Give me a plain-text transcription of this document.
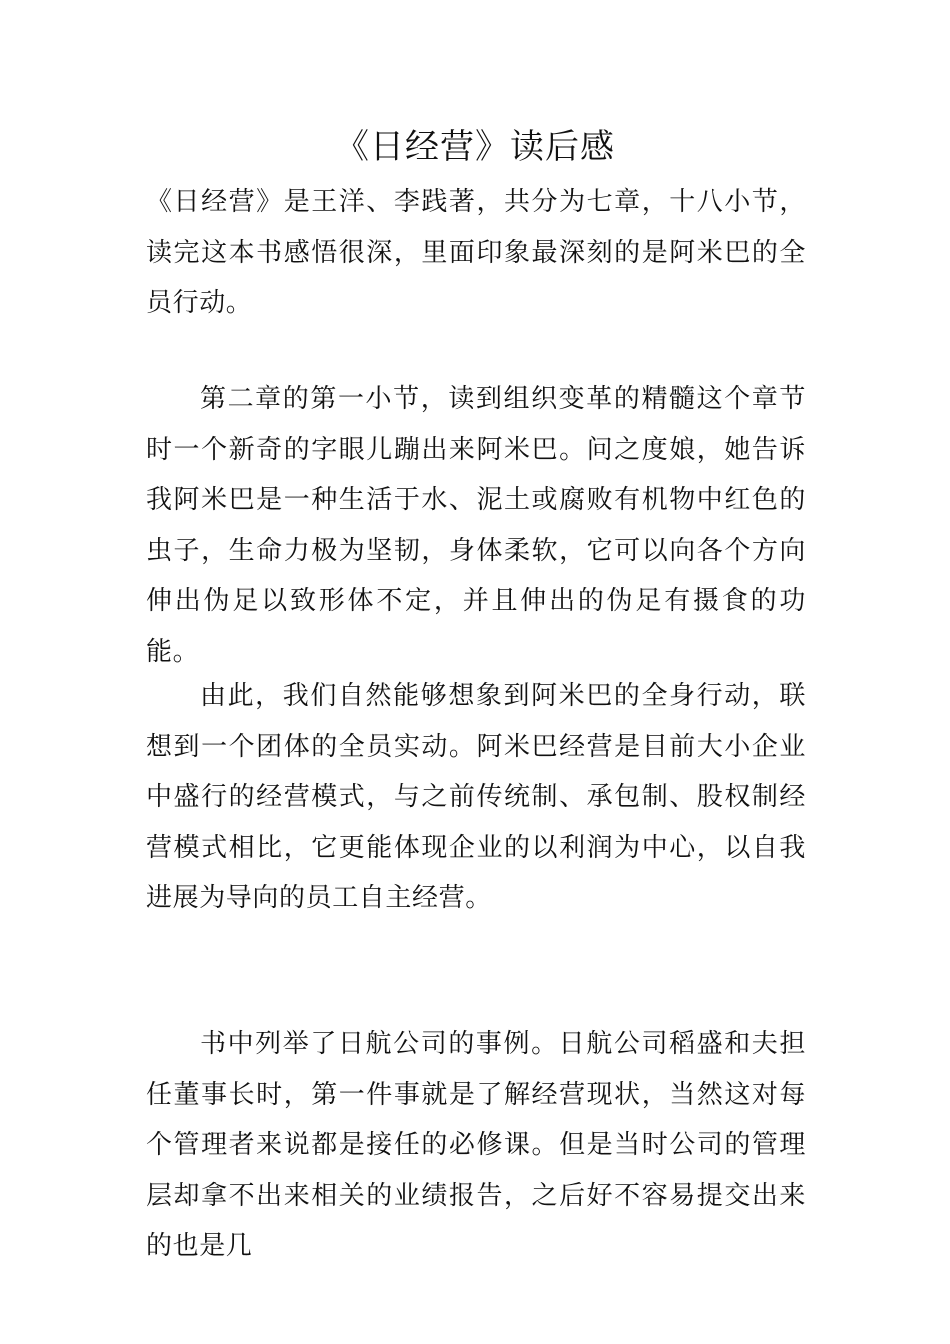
《日经营》读后感

《日经营》是王洋、李践著，共分为七章，十八小节，读完这本书感悟很深，里面印象最深刻的是阿米巴的全员行动。

第二章的第一小节，读到组织变革的精髓这个章节时一个新奇的字眼儿蹦出来阿米巴。问之度娘，她告诉我阿米巴是一种生活于水、泥土或腐败有机物中红色的虫子，生命力极为坚韧，身体柔软，它可以向各个方向伸出伪足以致形体不定，并且伸出的伪足有摄食的功能。

由此，我们自然能够想象到阿米巴的全身行动，联想到一个团体的全员实动。阿米巴经营是目前大小企业中盛行的经营模式，与之前传统制、承包制、股权制经营模式相比，它更能体现企业的以利润为中心，以自我进展为导向的员工自主经营。

书中列举了日航公司的事例。日航公司稻盛和夫担任董事长时，第一件事就是了解经营现状，当然这对每个管理者来说都是接任的必修课。但是当时公司的管理层却拿不出来相关的业绩报告，之后好不容易提交出来的也是几
